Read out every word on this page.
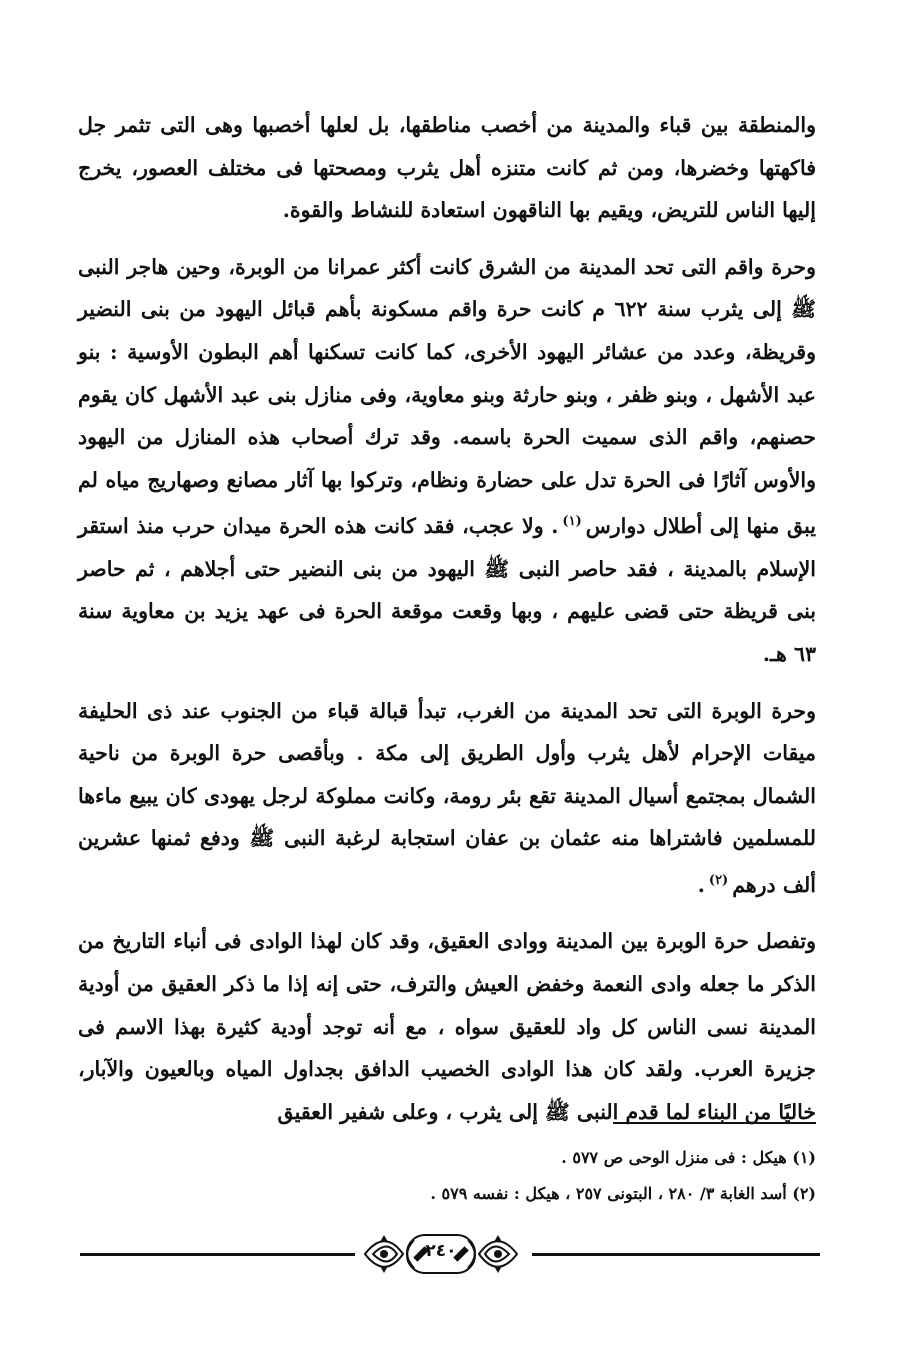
والمنطقة بين قباء والمدينة من أخصب مناطقها، بل لعلها أخصبها وهى التى تثمر جل فاكهتها وخضرها، ومن ثم كانت متنزه أهل يثرب ومصحتها فى مختلف العصور، يخرج إليها الناس للتريض، ويقيم بها الناقهون استعادة للنشاط والقوة.

وحرة واقم التى تحد المدينة من الشرق كانت أكثر عمرانا من الوبرة، وحين هاجر النبى ﷺ إلى يثرب سنة ٦٢٢ م كانت حرة واقم مسكونة بأهم قبائل اليهود من بنى النضير وقريظة، وعدد من عشائر اليهود الأخرى، كما كانت تسكنها أهم البطون الأوسية : بنو عبد الأشهل ، وبنو ظفر ، وبنو حارثة وبنو معاوية، وفى منازل بنى عبد الأشهل كان يقوم حصنهم، واقم الذى سميت الحرة باسمه. وقد ترك أصحاب هذه المنازل من اليهود والأوس آثارًا فى الحرة تدل على حضارة ونظام، وتركوا بها آثار مصانع وصهاريج مياه لم يبق منها إلى أطلال دوارس$^{(١)}$. ولا عجب، فقد كانت هذه الحرة ميدان حرب منذ استقر الإسلام بالمدينة ، فقد حاصر النبى ﷺ اليهود من بنى النضير حتى أجلاهم ، ثم حاصر بنى قريظة حتى قضى عليهم ، وبها وقعت موقعة الحرة فى عهد يزيد بن معاوية سنة ٦٣ هـ.

وحرة الوبرة التى تحد المدينة من الغرب، تبدأ قبالة قباء من الجنوب عند ذى الحليفة ميقات الإحرام لأهل يثرب وأول الطريق إلى مكة . وبأقصى حرة الوبرة من ناحية الشمال بمجتمع أسيال المدينة تقع بئر رومة، وكانت مملوكة لرجل يهودى كان يبيع ماءها للمسلمين فاشتراها منه عثمان بن عفان استجابة لرغبة النبى ﷺ ودفع ثمنها عشرين ألف درهم$^{(٢)}$.

وتفصل حرة الوبرة بين المدينة ووادى العقيق، وقد كان لهذا الوادى فى أنباء التاريخ من الذكر ما جعله وادى النعمة وخفض العيش والترف، حتى إنه إذا ما ذكر العقيق من أودية المدينة نسى الناس كل واد للعقيق سواه ، مع أنه توجد أودية كثيرة بهذا الاسم فى جزيرة العرب. ولقد كان هذا الوادى الخصيب الدافق بجداول المياه وبالعيون والآبار، خاليًا من البناء لما قدم النبى ﷺ إلى يثرب ، وعلى شفير العقيق

(١) هيكل : فى منزل الوحى ص ٥٧٧ .

(٢) أسد الغابة ٣/ ٢٨٠ ، البتونى ٢٥٧ ، هيكل : نفسه ٥٧٩ .

٢٤٠
